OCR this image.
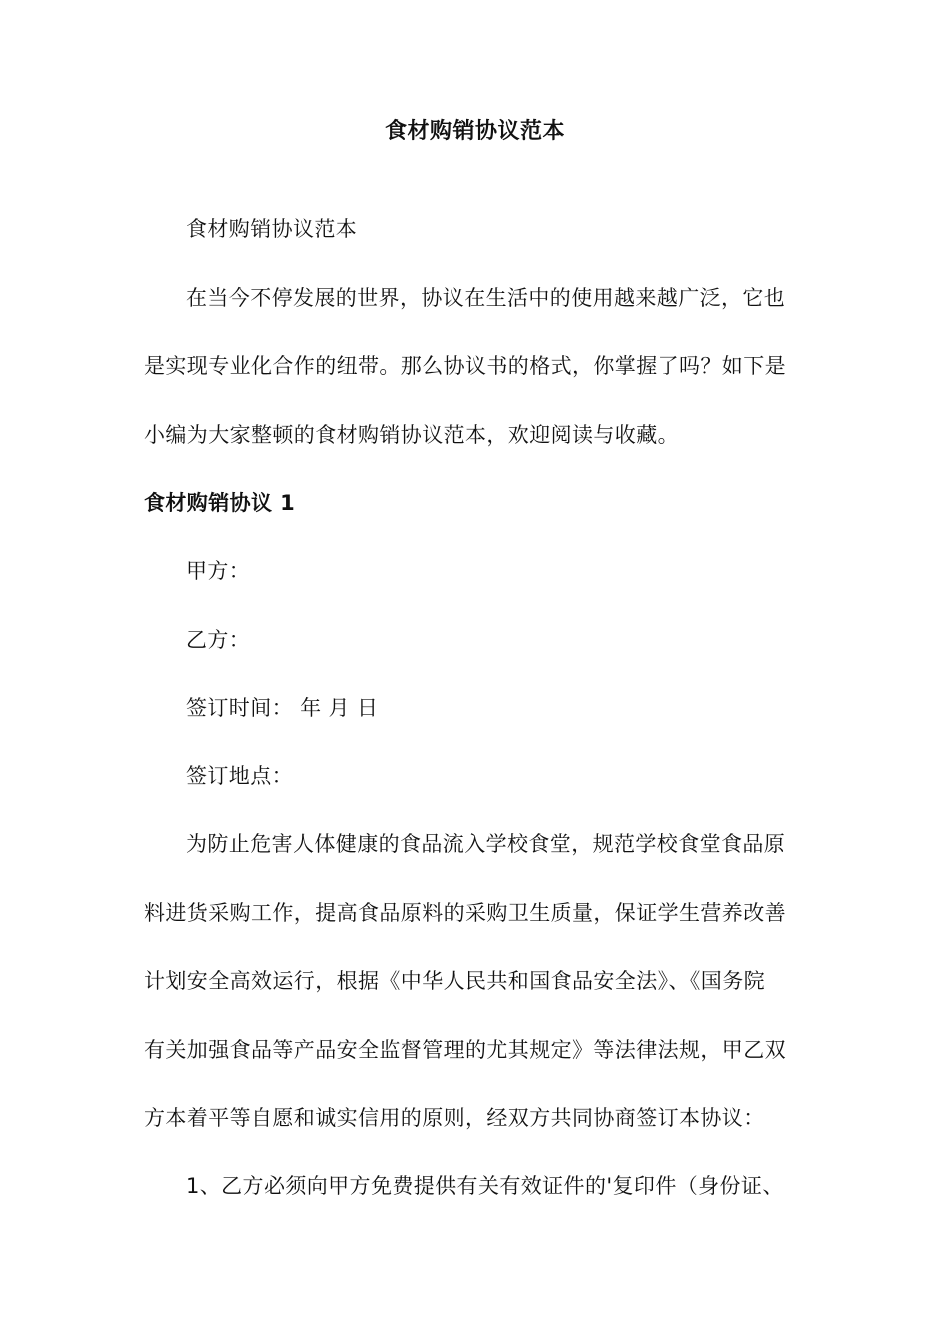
食材购销协议范本
食材购销协议范本
在当今不停发展的世界，协议在生活中的使用越来越广泛，它也
是实现专业化合作的纽带。那么协议书的格式，你掌握了吗？如下是
小编为大家整顿的食材购销协议范本，欢迎阅读与收藏。
食材购销协议 1
甲方：
乙方：
签订时间： 年 月 日
签订地点：
为防止危害人体健康的食品流入学校食堂，规范学校食堂食品原
料进货采购工作，提高食品原料的采购卫生质量，保证学生营养改善
计划安全高效运行，根据《中华人民共和国食品安全法》、《国务院
有关加强食品等产品安全监督管理的尤其规定》等法律法规，甲乙双
方本着平等自愿和诚实信用的原则，经双方共同协商签订本协议：
1、乙方必须向甲方免费提供有关有效证件的'复印件（身份证、
